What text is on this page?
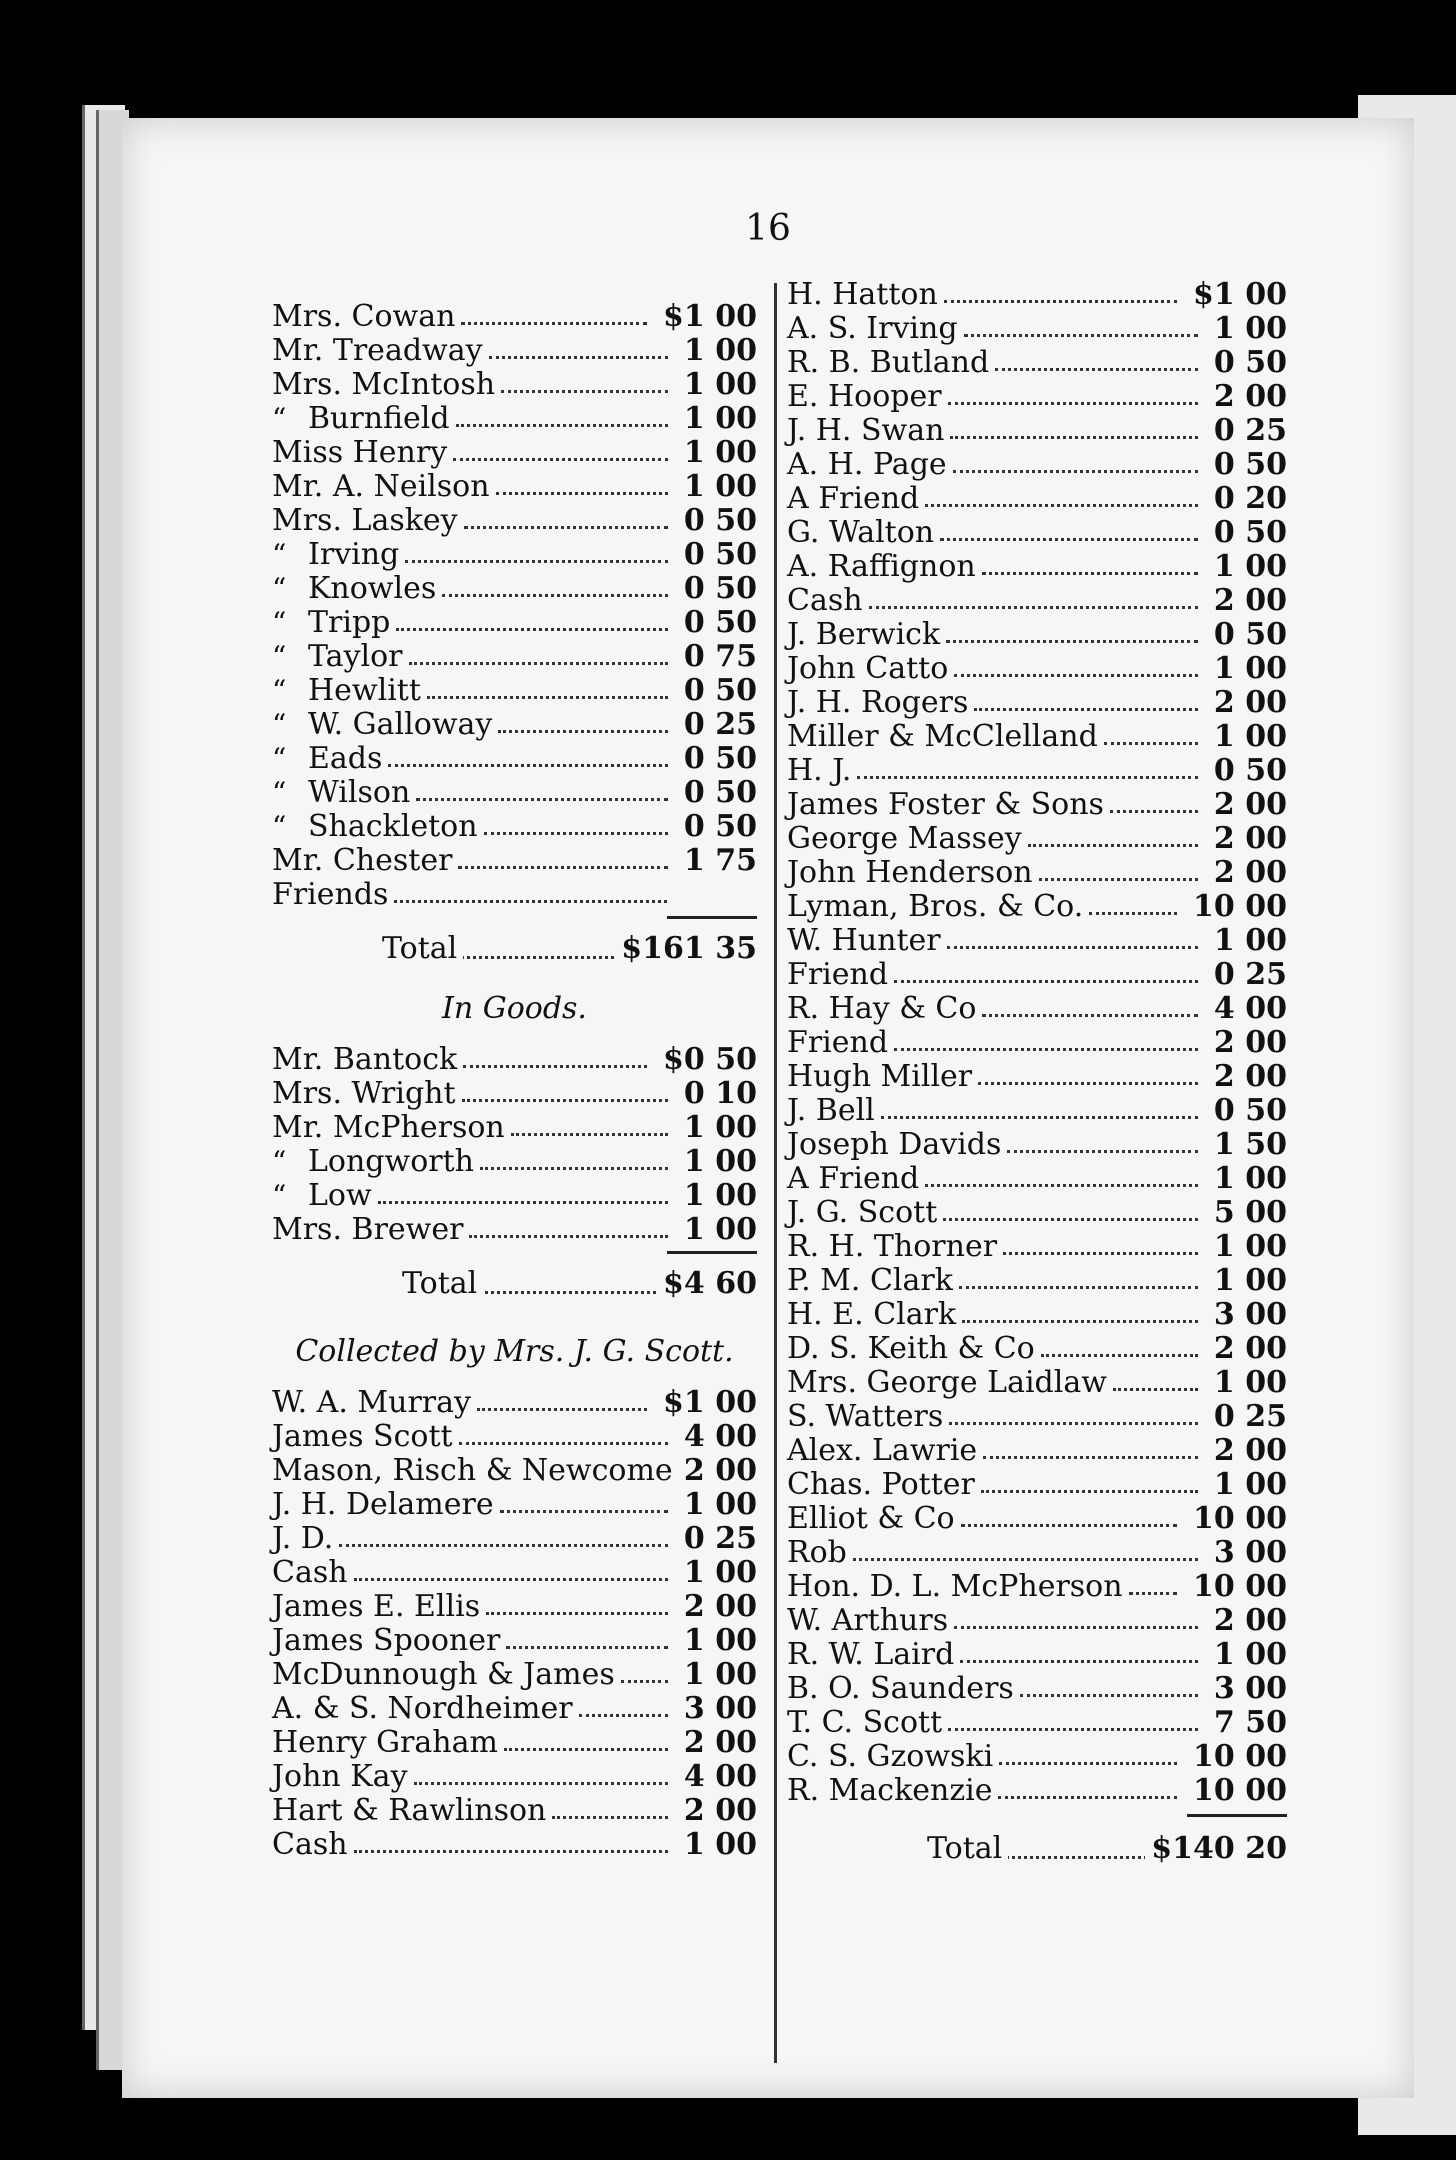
16
Mrs. Cowan	$1 00
Mr. Treadway	1 00
Mrs. McIntosh	1 00
“ Burnfield	1 00
Miss Henry	1 00
Mr. A. Neilson	1 00
Mrs. Laskey	0 50
“ Irving	0 50
“ Knowles	0 50
“ Tripp	0 50
“ Taylor	0 75
“ Hewlitt	0 50
“ W. Galloway	0 25
“ Eads	0 50
“ Wilson	0 50
“ Shackleton	0 50
Mr. Chester	1 75
Friends
Total	$161 35
In Goods.
Mr. Bantock	$0 50
Mrs. Wright	0 10
Mr. McPherson	1 00
“ Longworth	1 00
“ Low	1 00
Mrs. Brewer	1 00
Total	$4 60
Collected by Mrs. J. G. Scott.
W. A. Murray	$1 00
James Scott	4 00
Mason, Risch & Newcome 2 00
J. H. Delamere	1 00
J. D.	0 25
Cash	1 00
James E. Ellis	2 00
James Spooner	1 00
McDunnough & James 1 00
A. & S. Nordheimer	3 00
Henry Graham	2 00
John Kay	4 00
Hart & Rawlinson	2 00
Cash	1 00
H. Hatton	$1 00
A. S. Irving	1 00
R. B. Butland	0 50
E. Hooper	2 00
J. H. Swan	0 25
A. H. Page	0 50
A Friend	0 20
G. Walton	0 50
A. Raffignon	1 00
Cash	2 00
J. Berwick	0 50
John Catto	1 00
J. H. Rogers	2 00
Miller & McClelland	1 00
H. J.	0 50
James Foster & Sons	2 00
George Massey	2 00
John Henderson	2 00
Lyman, Bros. & Co.	10 00
W. Hunter	1 00
Friend	0 25
R. Hay & Co	4 00
Friend	2 00
Hugh Miller	2 00
J. Bell	0 50
Joseph Davids	1 50
A Friend	1 00
J. G. Scott	5 00
R. H. Thorner	1 00
P. M. Clark	1 00
H. E. Clark	3 00
D. S. Keith & Co	2 00
Mrs. George Laidlaw	1 00
S. Watters	0 25
Alex. Lawrie	2 00
Chas. Potter	1 00
Elliot & Co	10 00
Rob	3 00
Hon. D. L. McPherson 10 00
W. Arthurs	2 00
R. W. Laird	1 00
B. O. Saunders	3 00
T. C. Scott	7 50
C. S. Gzowski	10 00
R. Mackenzie	10 00
Total	$140 20
